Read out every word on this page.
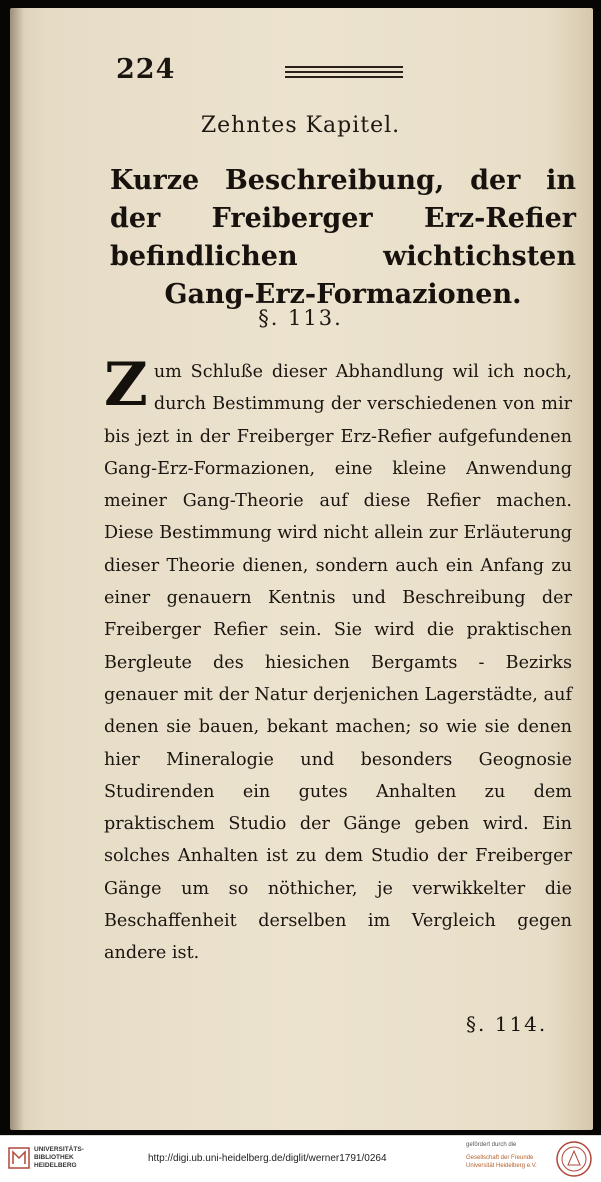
224
Zehntes Kapitel.
Kurze Beschreibung, der in der Freiberger Erz-Refier befindlichen wichtichsten Gang-Erz-Formazionen.
§. 113.
Zum Schluße dieser Abhandlung wil ich noch, durch Bestimmung der verschiedenen von mir bis jezt in der Freiberger Erz-Refier aufgefundenen Gang-Erz-Formazionen, eine kleine Anwendung meiner Gang-Theorie auf diese Refier machen. Diese Bestimmung wird nicht allein zur Erläuterung dieser Theorie dienen, sondern auch ein Anfang zu einer genauern Kentnis und Beschreibung der Freiberger Refier sein. Sie wird die praktischen Bergleute des hiesichen Bergamts - Bezirks genauer mit der Natur derjenichen Lagerstädte, auf denen sie bauen, bekant machen; so wie sie denen hier Mineralogie und besonders Geognosie Studirenden ein gutes Anhalten zu dem praktischem Studio der Gänge geben wird. Ein solches Anhalten ist zu dem Studio der Freiberger Gänge um so nöthicher, je verwikkelter die Beschaffenheit derselben im Vergleich gegen andere ist.
§. 114.
UNIVERSITÄTS-
BIBLIOTHEK
HEIDELBERG
http://digi.ub.uni-heidelberg.de/diglit/werner1791/0264
gefördert durch die
Gesellschaft der Freunde
Universität Heidelberg e.V.
